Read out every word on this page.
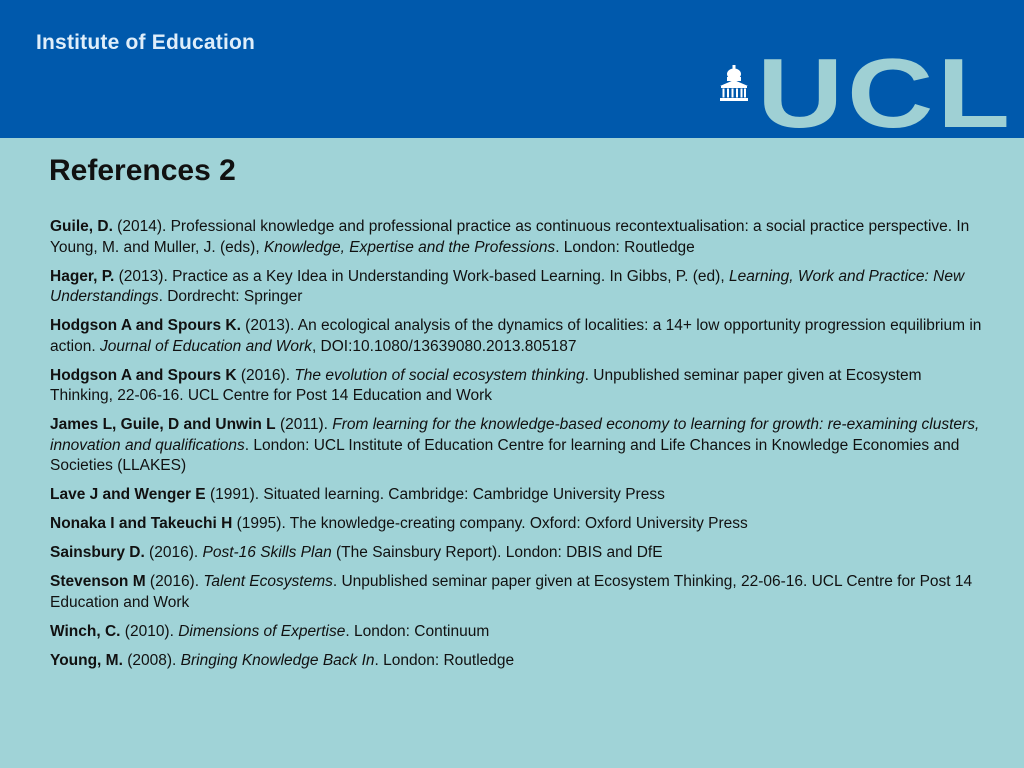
Institute of Education	UCL
References 2
Guile, D. (2014). Professional knowledge and professional practice as continuous recontextualisation: a social practice perspective. In Young, M. and Muller, J. (eds), Knowledge, Expertise and the Professions. London: Routledge
Hager, P. (2013). Practice as a Key Idea in Understanding Work-based Learning. In Gibbs, P. (ed), Learning, Work and Practice: New Understandings. Dordrecht: Springer
Hodgson A and Spours K. (2013). An ecological analysis of the dynamics of localities: a 14+ low opportunity progression equilibrium in action. Journal of Education and Work, DOI:10.1080/13639080.2013.805187
Hodgson A and Spours K (2016). The evolution of social ecosystem thinking. Unpublished seminar paper given at Ecosystem Thinking, 22-06-16. UCL Centre for Post 14 Education and Work
James L, Guile, D and Unwin L (2011). From learning for the knowledge-based economy to learning for growth: re-examining clusters, innovation and qualifications. London: UCL Institute of Education Centre for learning and Life Chances in Knowledge Economies and Societies (LLAKES)
Lave J and Wenger E (1991). Situated learning. Cambridge: Cambridge University Press
Nonaka I and Takeuchi H (1995). The knowledge-creating company. Oxford: Oxford University Press
Sainsbury D. (2016). Post-16 Skills Plan (The Sainsbury Report). London: DBIS and DfE
Stevenson M (2016). Talent Ecosystems. Unpublished seminar paper given at Ecosystem Thinking, 22-06-16. UCL Centre for Post 14 Education and Work
Winch, C. (2010). Dimensions of Expertise. London: Continuum
Young, M. (2008). Bringing Knowledge Back In. London: Routledge
